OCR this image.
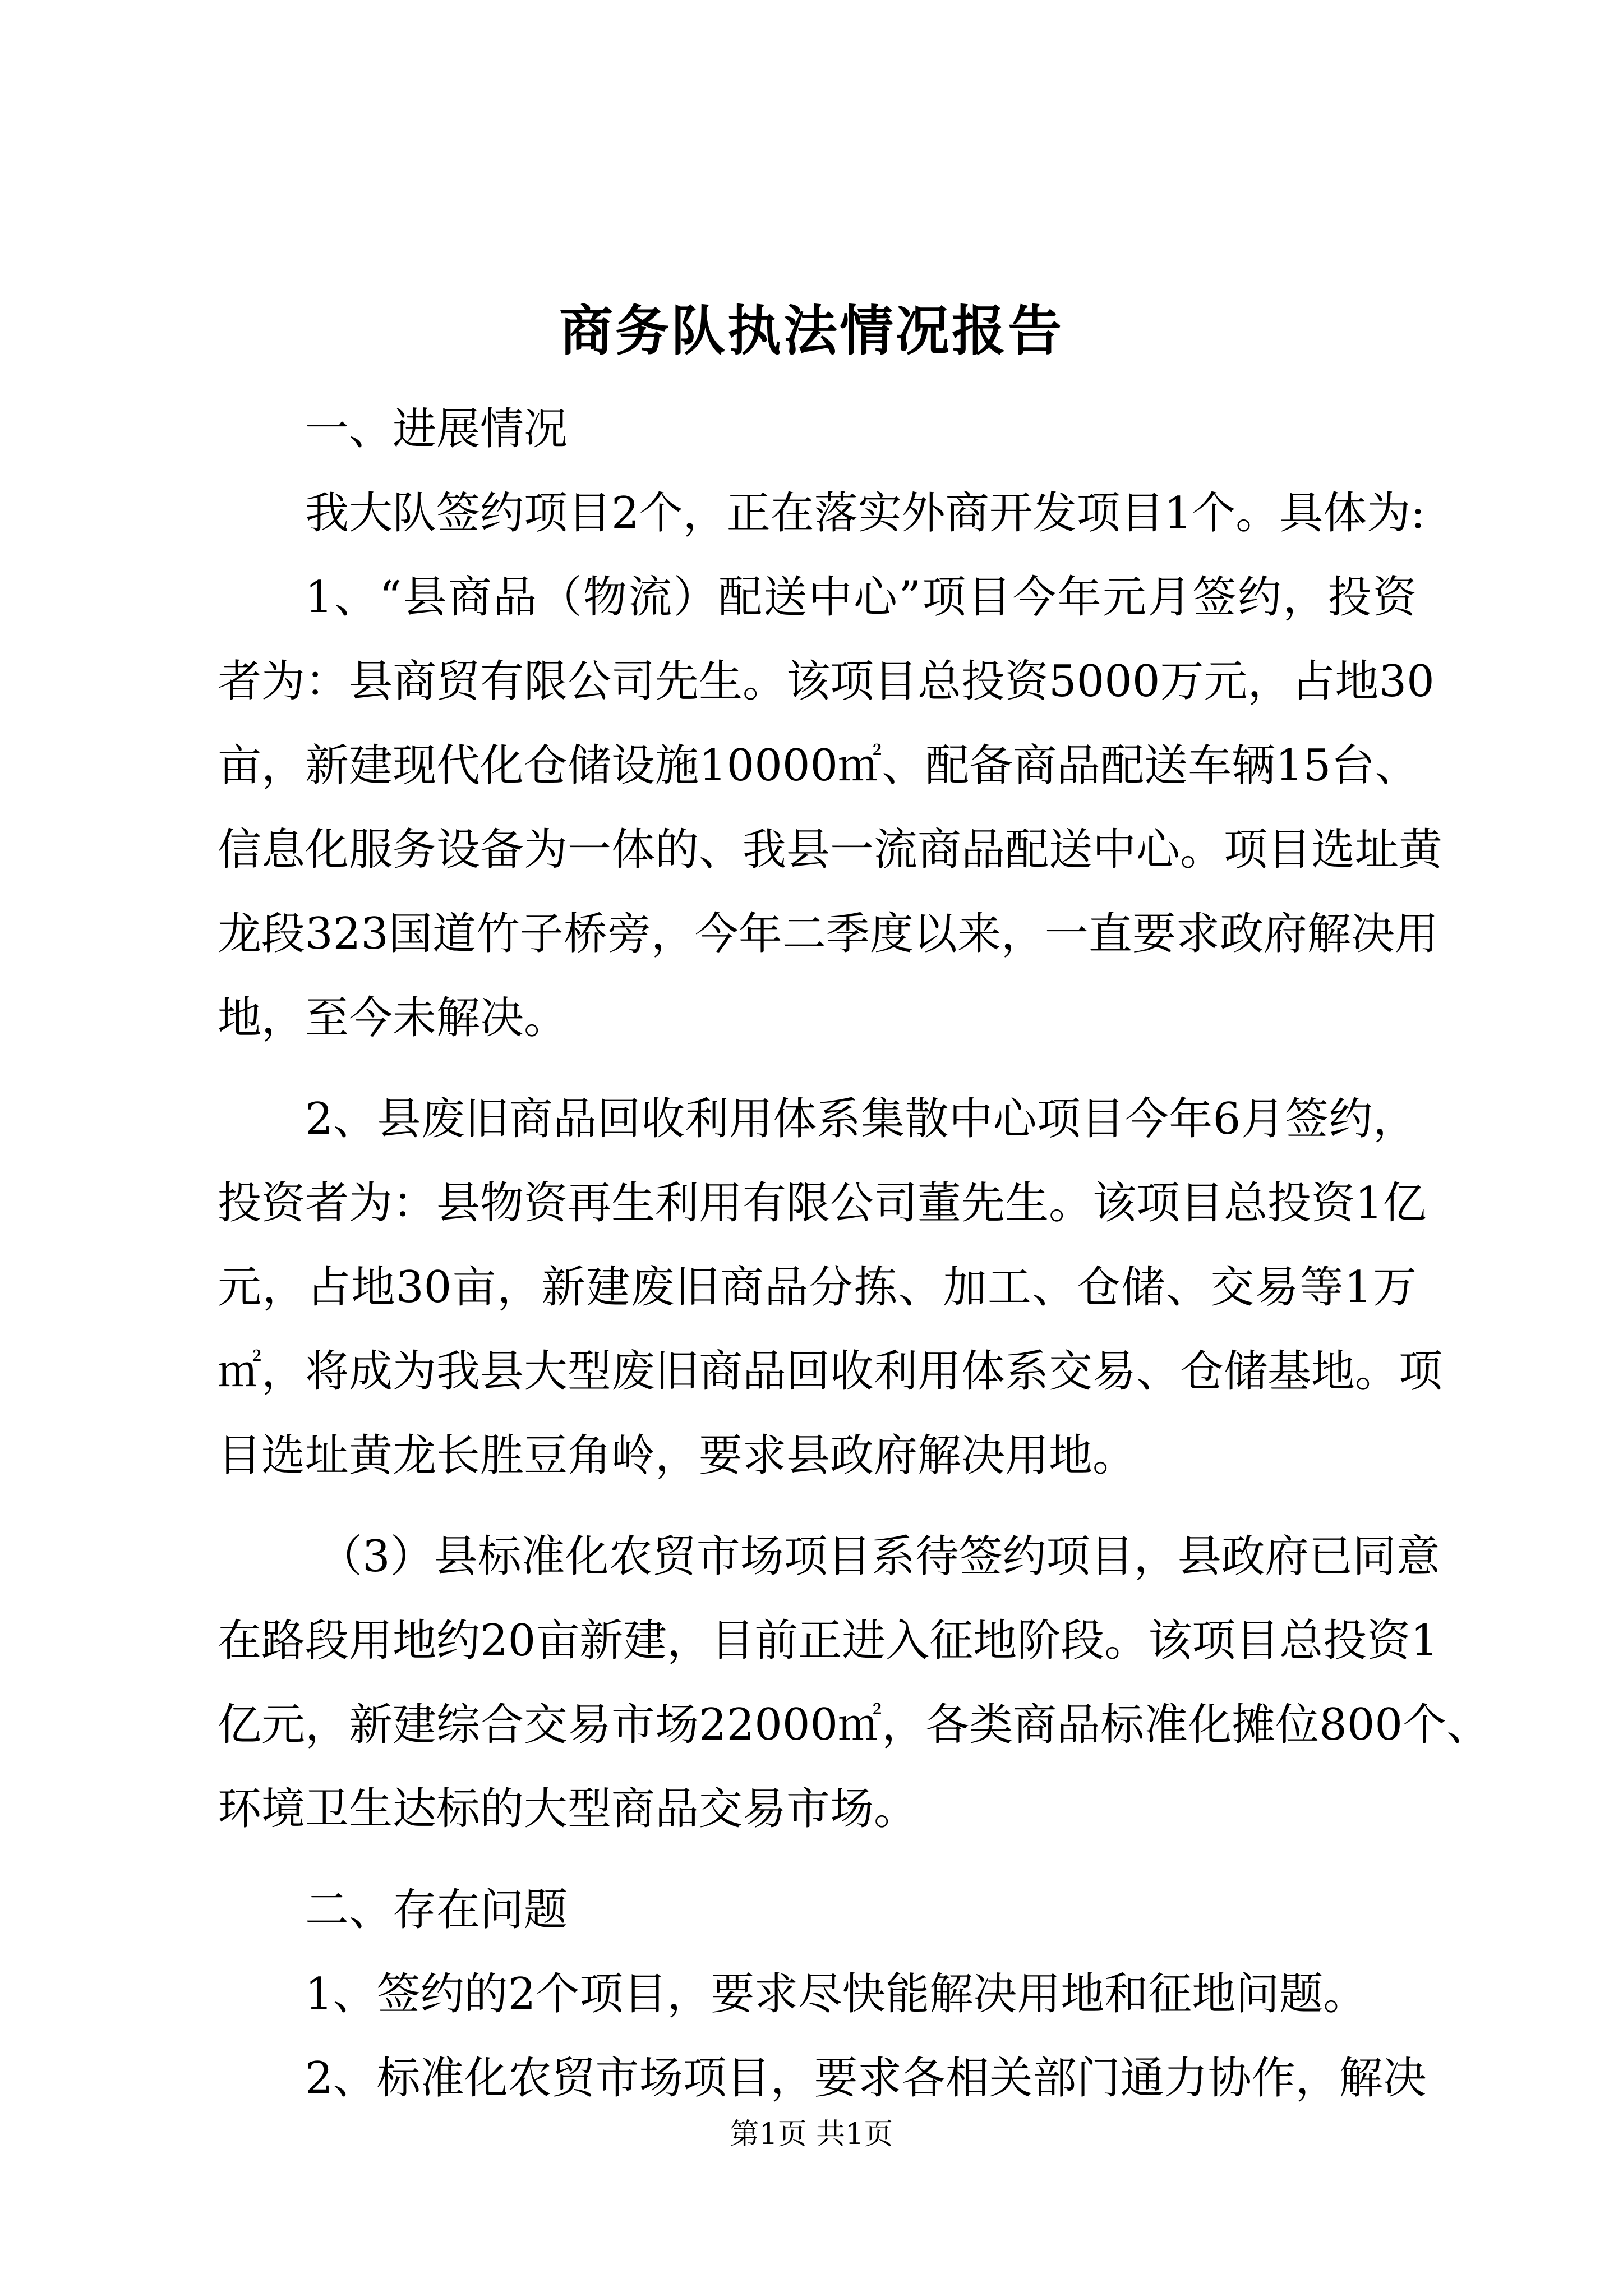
商务队执法情况报告
一、进展情况
我大队签约项目2个，正在落实外商开发项目1个。具体为:
1、“县商品（物流）配送中心”项目今年元月签约，投资
者为：县商贸有限公司先生。该项目总投资5000万元，占地30
亩，新建现代化仓储设施10000㎡、配备商品配送车辆15台、
信息化服务设备为一体的、我县一流商品配送中心。项目选址黄
龙段323国道竹子桥旁，今年二季度以来，一直要求政府解决用
地，至今未解决。
2、县废旧商品回收利用体系集散中心项目今年6月签约，
投资者为：县物资再生利用有限公司董先生。该项目总投资1亿
元，占地30亩，新建废旧商品分拣、加工、仓储、交易等1万
㎡，将成为我县大型废旧商品回收利用体系交易、仓储基地。项
目选址黄龙长胜豆角岭，要求县政府解决用地。
（3）县标准化农贸市场项目系待签约项目，县政府已同意
在路段用地约20亩新建，目前正进入征地阶段。该项目总投资1
亿元，新建综合交易市场22000㎡，各类商品标准化摊位800个、
环境卫生达标的大型商品交易市场。
二、存在问题
1、签约的2个项目，要求尽快能解决用地和征地问题。
2、标准化农贸市场项目，要求各相关部门通力协作，解决
第1页 共1页
